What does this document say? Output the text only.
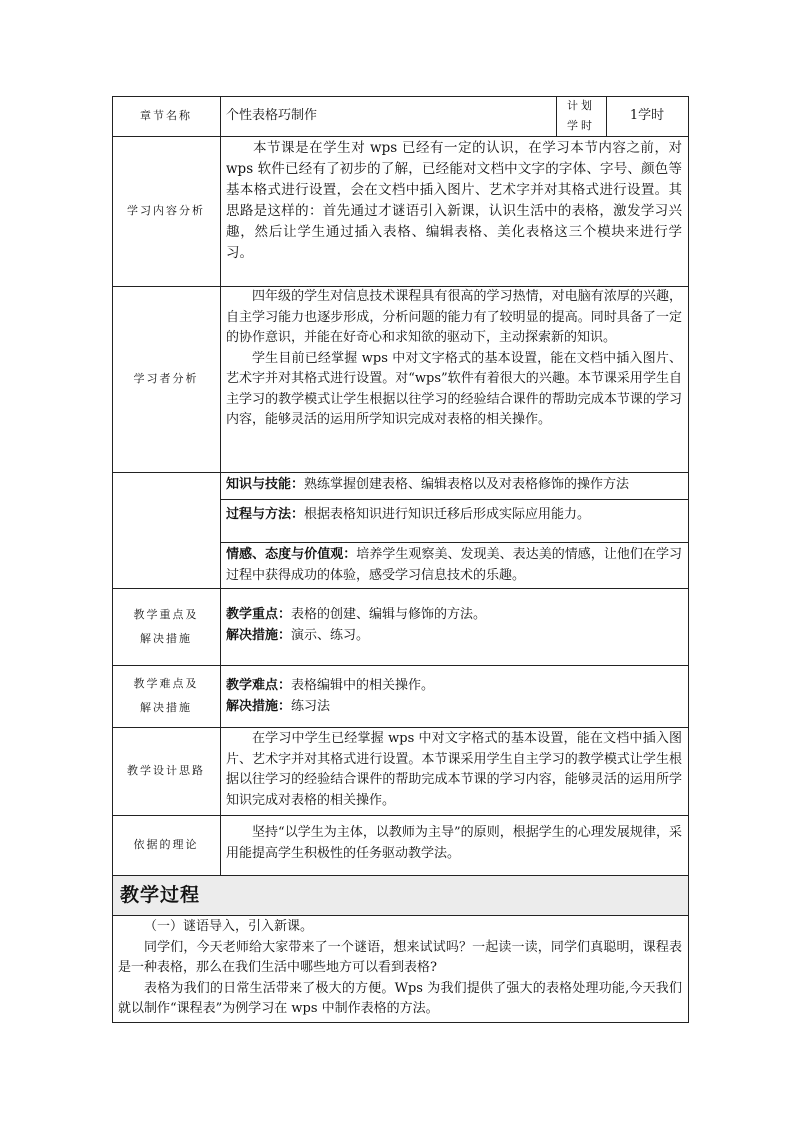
章节名称	个性表格巧制作
计划学时
1学时
学习内容分析

本节课是在学生对 wps 已经有一定的认识，在学习本节内容之前，对 wps 软件已经有了初步的了解，已经能对文档中文字的字体、字号、颜色等基本格式进行设置，会在文档中插入图片、艺术字并对其格式进行设置。其思路是这样的：首先通过才谜语引入新课，认识生活中的表格，激发学习兴趣，然后让学生通过插入表格、编辑表格、美化表格这三个模块来进行学习。

学习者分析

四年级的学生对信息技术课程具有很高的学习热情，对电脑有浓厚的兴趣，自主学习能力也逐步形成，分析问题的能力有了较明显的提高。同时具备了一定的协作意识，并能在好奇心和求知欲的驱动下，主动探索新的知识。

学生目前已经掌握 wps 中对文字格式的基本设置，能在文档中插入图片、艺术字并对其格式进行设置。对“wps”软件有着很大的兴趣。本节课采用学生自主学习的教学模式让学生根据以往学习的经验结合课件的帮助完成本节课的学习内容，能够灵活的运用所学知识完成对表格的相关操作。

知识与技能：熟练掌握创建表格、编辑表格以及对表格修饰的操作方法
过程与方法：根据表格知识进行知识迁移后形成实际应用能力。
情感、态度与价值观：培养学生观察美、发现美、表达美的情感，让他们在学习过程中获得成功的体验，感受学习信息技术的乐趣。
教学重点及解决措施

教学重点：表格的创建、编辑与修饰的方法。

解决措施：演示、练习。

教学难点及解决措施

教学难点：表格编辑中的相关操作。

解决措施：练习法

教学设计思路

在学习中学生已经掌握 wps 中对文字格式的基本设置，能在文档中插入图片、艺术字并对其格式进行设置。本节课采用学生自主学习的教学模式让学生根据以往学习的经验结合课件的帮助完成本节课的学习内容，能够灵活的运用所学知识完成对表格的相关操作。

依据的理论

坚持“以学生为主体，以教师为主导”的原则，根据学生的心理发展规律，采用能提高学生积极性的任务驱动教学法。

教学过程

（一）谜语导入，引入新课。

同学们，今天老师给大家带来了一个谜语，想来试试吗？一起读一读，同学们真聪明，课程表是一种表格，那么在我们生活中哪些地方可以看到表格?

表格为我们的日常生活带来了极大的方便。Wps 为我们提供了强大的表格处理功能,今天我们就以制作“课程表”为例学习在 wps 中制作表格的方法。
